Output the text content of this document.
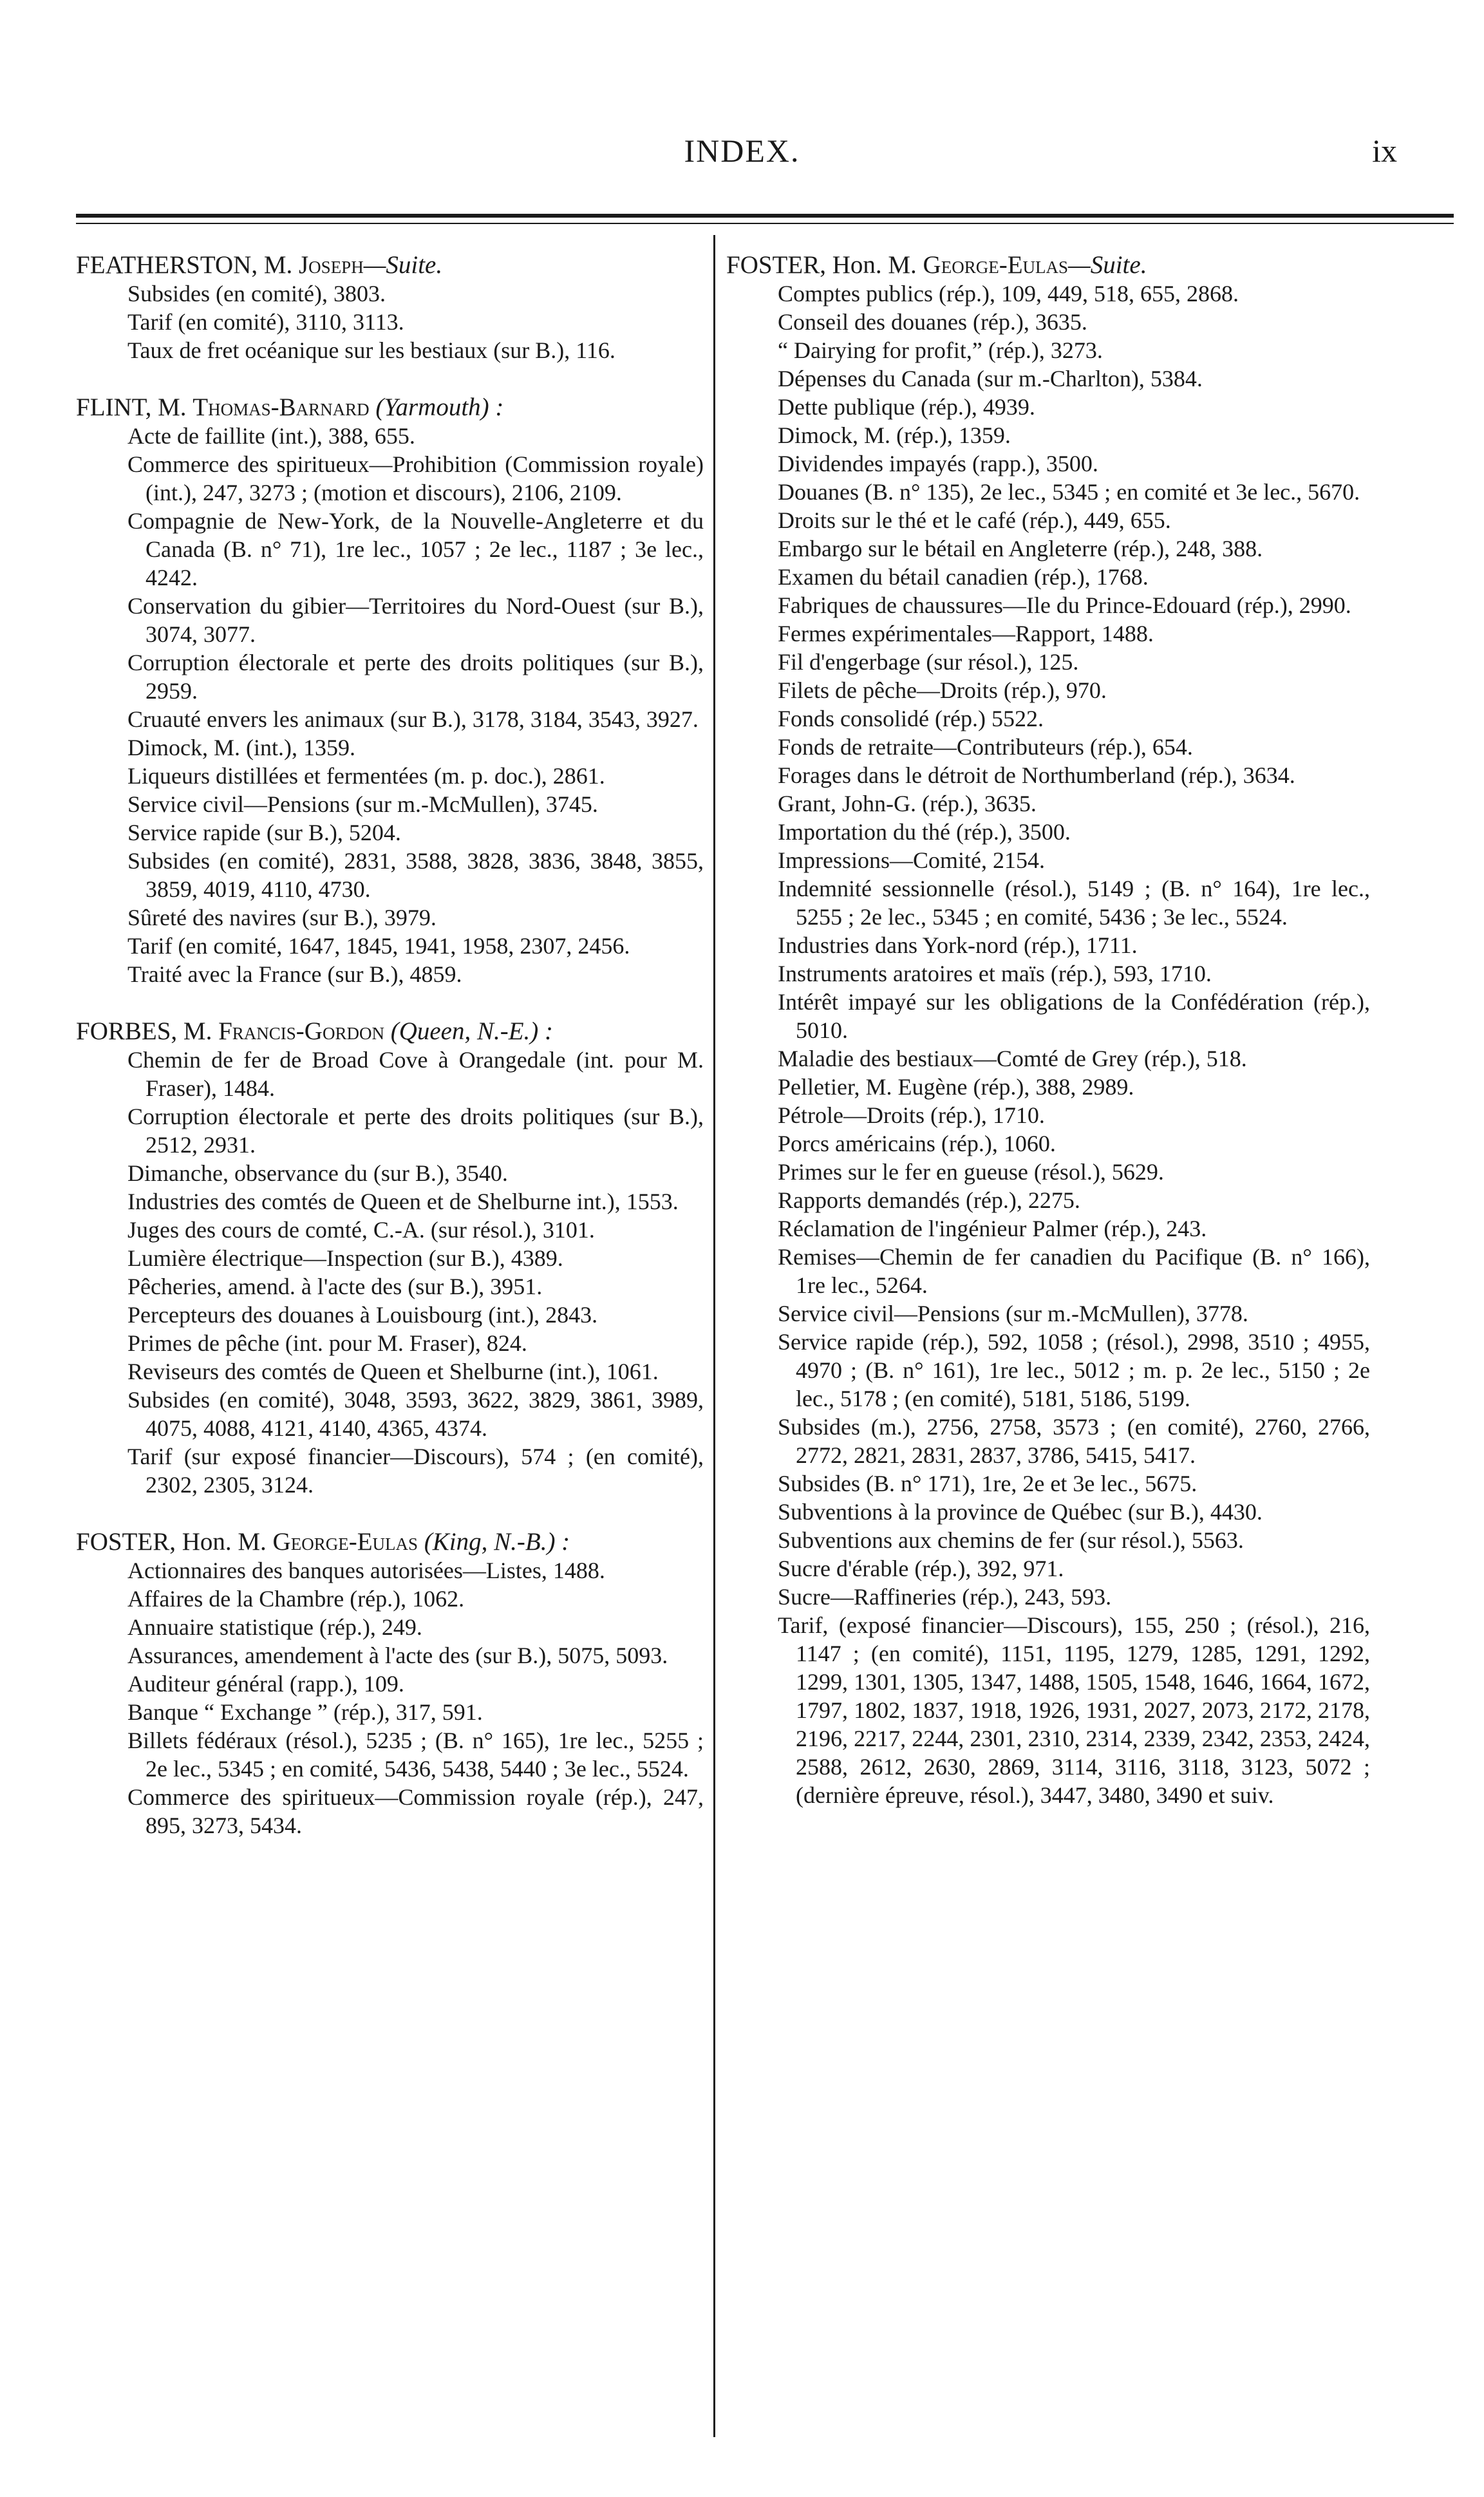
INDEX.	ix
FEATHERSTON, M. Joseph—Suite.
Subsides (en comité), 3803.
Tarif (en comité), 3110, 3113.
Taux de fret océanique sur les bestiaux (sur B.), 116.
FLINT, M. Thomas-Barnard (Yarmouth) :
Acte de faillite (int.), 388, 655.
Commerce des spiritueux—Prohibition (Commission royale) (int.), 247, 3273 ; (motion et discours), 2106, 2109.
Compagnie de New-York, de la Nouvelle-Angleterre et du Canada (B. n° 71), 1re lec., 1057 ; 2e lec., 1187 ; 3e lec., 4242.
Conservation du gibier—Territoires du Nord-Ouest (sur B.), 3074, 3077.
Corruption électorale et perte des droits politiques (sur B.), 2959.
Cruauté envers les animaux (sur B.), 3178, 3184, 3543, 3927.
Dimock, M. (int.), 1359.
Liqueurs distillées et fermentées (m. p. doc.), 2861.
Service civil—Pensions (sur m.-McMullen), 3745.
Service rapide (sur B.), 5204.
Subsides (en comité), 2831, 3588, 3828, 3836, 3848, 3855, 3859, 4019, 4110, 4730.
Sûreté des navires (sur B.), 3979.
Tarif (en comité, 1647, 1845, 1941, 1958, 2307, 2456.
Traité avec la France (sur B.), 4859.
FORBES, M. Francis-Gordon (Queen, N.-E.) :
Chemin de fer de Broad Cove à Orangedale (int. pour M. Fraser), 1484.
Corruption électorale et perte des droits politiques (sur B.), 2512, 2931.
Dimanche, observance du (sur B.), 3540.
Industries des comtés de Queen et de Shelburne int.), 1553.
Juges des cours de comté, C.-A. (sur résol.), 3101.
Lumière électrique—Inspection (sur B.), 4389.
Pêcheries, amend. à l'acte des (sur B.), 3951.
Percepteurs des douanes à Louisbourg (int.), 2843.
Primes de pêche (int. pour M. Fraser), 824.
Reviseurs des comtés de Queen et Shelburne (int.), 1061.
Subsides (en comité), 3048, 3593, 3622, 3829, 3861, 3989, 4075, 4088, 4121, 4140, 4365, 4374.
Tarif (sur exposé financier—Discours), 574 ; (en comité), 2302, 2305, 3124.
FOSTER, Hon. M. George-Eulas (King, N.-B.) :
Actionnaires des banques autorisées—Listes, 1488.
Affaires de la Chambre (rép.), 1062.
Annuaire statistique (rép.), 249.
Assurances, amendement à l'acte des (sur B.), 5075, 5093.
Auditeur général (rapp.), 109.
Banque “ Exchange ” (rép.), 317, 591.
Billets fédéraux (résol.), 5235 ; (B. n° 165), 1re lec., 5255 ; 2e lec., 5345 ; en comité, 5436, 5438, 5440 ; 3e lec., 5524.
Commerce des spiritueux—Commission royale (rép.), 247, 895, 3273, 5434.
FOSTER, Hon. M. George-Eulas—Suite.
Comptes publics (rép.), 109, 449, 518, 655, 2868.
Conseil des douanes (rép.), 3635.
“ Dairying for profit,” (rép.), 3273.
Dépenses du Canada (sur m.-Charlton), 5384.
Dette publique (rép.), 4939.
Dimock, M. (rép.), 1359.
Dividendes impayés (rapp.), 3500.
Douanes (B. n° 135), 2e lec., 5345 ; en comité et 3e lec., 5670.
Droits sur le thé et le café (rép.), 449, 655.
Embargo sur le bétail en Angleterre (rép.), 248, 388.
Examen du bétail canadien (rép.), 1768.
Fabriques de chaussures—Ile du Prince-Edouard (rép.), 2990.
Fermes expérimentales—Rapport, 1488.
Fil d'engerbage (sur résol.), 125.
Filets de pêche—Droits (rép.), 970.
Fonds consolidé (rép.) 5522.
Fonds de retraite—Contributeurs (rép.), 654.
Forages dans le détroit de Northumberland (rép.), 3634.
Grant, John-G. (rép.), 3635.
Importation du thé (rép.), 3500.
Impressions—Comité, 2154.
Indemnité sessionnelle (résol.), 5149 ; (B. n° 164), 1re lec., 5255 ; 2e lec., 5345 ; en comité, 5436 ; 3e lec., 5524.
Industries dans York-nord (rép.), 1711.
Instruments aratoires et maïs (rép.), 593, 1710.
Intérêt impayé sur les obligations de la Confédération (rép.), 5010.
Maladie des bestiaux—Comté de Grey (rép.), 518.
Pelletier, M. Eugène (rép.), 388, 2989.
Pétrole—Droits (rép.), 1710.
Porcs américains (rép.), 1060.
Primes sur le fer en gueuse (résol.), 5629.
Rapports demandés (rép.), 2275.
Réclamation de l'ingénieur Palmer (rép.), 243.
Remises—Chemin de fer canadien du Pacifique (B. n° 166), 1re lec., 5264.
Service civil—Pensions (sur m.-McMullen), 3778.
Service rapide (rép.), 592, 1058 ; (résol.), 2998, 3510 ; 4955, 4970 ; (B. n° 161), 1re lec., 5012 ; m. p. 2e lec., 5150 ; 2e lec., 5178 ; (en comité), 5181, 5186, 5199.
Subsides (m.), 2756, 2758, 3573 ; (en comité), 2760, 2766, 2772, 2821, 2831, 2837, 3786, 5415, 5417.
Subsides (B. n° 171), 1re, 2e et 3e lec., 5675.
Subventions à la province de Québec (sur B.), 4430.
Subventions aux chemins de fer (sur résol.), 5563.
Sucre d'érable (rép.), 392, 971.
Sucre—Raffineries (rép.), 243, 593.
Tarif, (exposé financier—Discours), 155, 250 ; (résol.), 216, 1147 ; (en comité), 1151, 1195, 1279, 1285, 1291, 1292, 1299, 1301, 1305, 1347, 1488, 1505, 1548, 1646, 1664, 1672, 1797, 1802, 1837, 1918, 1926, 1931, 2027, 2073, 2172, 2178, 2196, 2217, 2244, 2301, 2310, 2314, 2339, 2342, 2353, 2424, 2588, 2612, 2630, 2869, 3114, 3116, 3118, 3123, 5072 ; (dernière épreuve, résol.), 3447, 3480, 3490 et suiv.
